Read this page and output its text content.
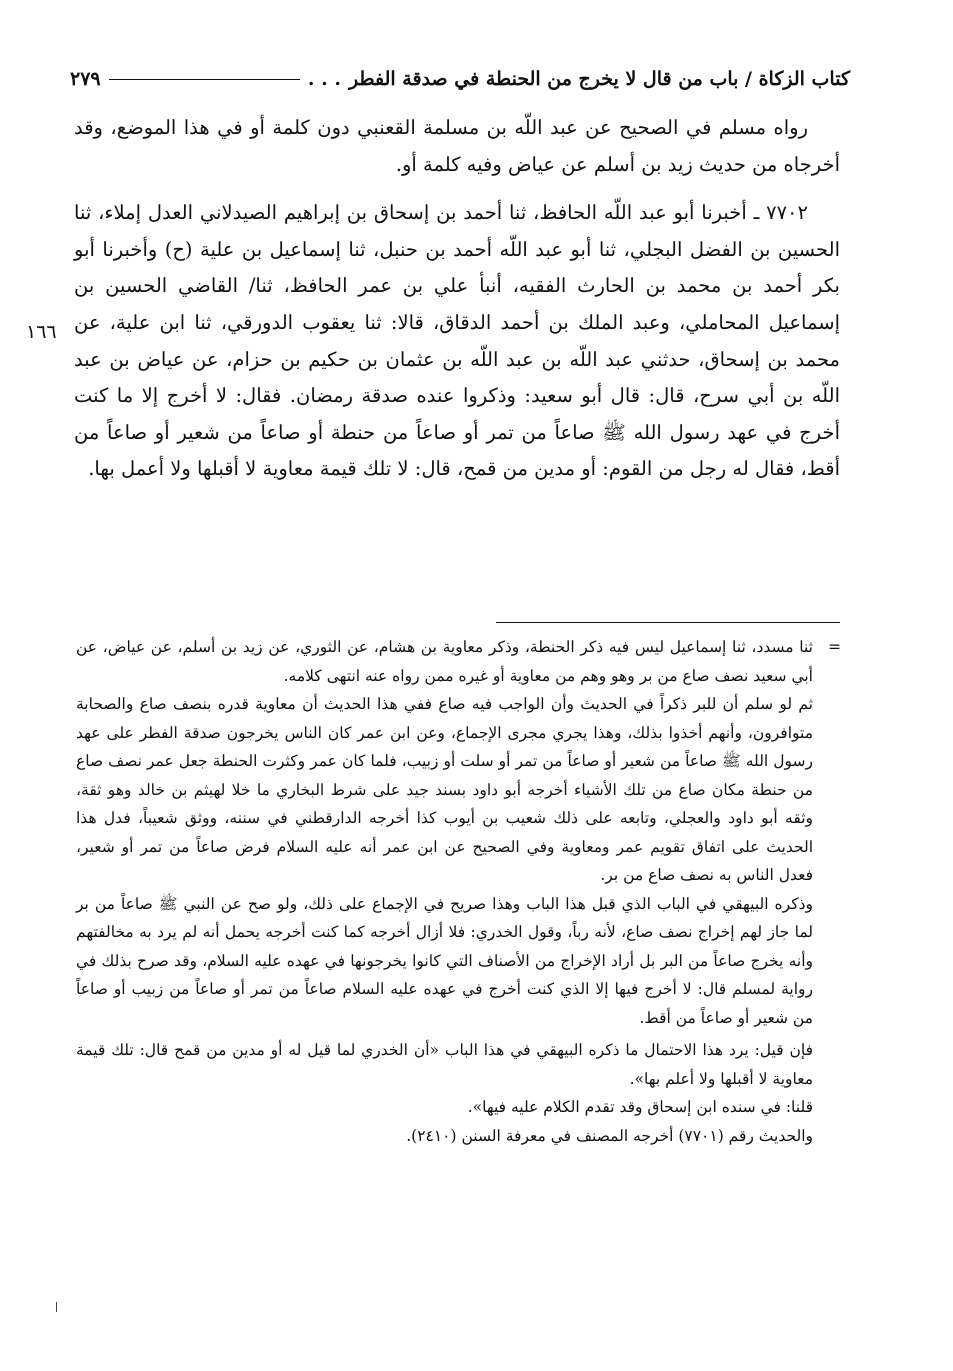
كتاب الزكاة / باب من قال لا يخرج من الحنطة في صدقة الفطر
. . .
٢٧٩

رواه مسلم في الصحيح عن عبد اللّه بن مسلمة القعنبي دون كلمة أو في هذا الموضع، وقد أخرجاه من حديث زيد بن أسلم عن عياض وفيه كلمة أو.

٧٧٠٢ ـ أخبرنا أبو عبد اللّه الحافظ، ثنا أحمد بن إسحاق بن إبراهيم الصيدلاني العدل إملاء، ثنا الحسين بن الفضل البجلي، ثنا أبو عبد اللّه أحمد بن حنبل، ثنا إسماعيل بن علية (ح) وأخبرنا أبو بكر أحمد بن محمد بن الحارث الفقيه، أنبأ علي بن عمر الحافظ، ثنا/ القاضي الحسين بن إسماعيل المحاملي، وعبد الملك بن أحمد الدقاق، قالا: ثنا يعقوب الدورقي، ثنا ابن علية، عن محمد بن إسحاق، حدثني عبد اللّه بن عبد اللّه بن عثمان بن حكيم بن حزام، عن عياض بن عبد اللّه بن أبي سرح، قال: قال أبو سعيد: وذكروا عنده صدقة رمضان. فقال: لا أخرج إلا ما كنت أخرج في عهد رسول الله ﷺ صاعاً من تمر أو صاعاً من حنطة أو صاعاً من شعير أو صاعاً من أقط، فقال له رجل من القوم: أو مدين من قمح، قال: لا تلك قيمة معاوية لا أقبلها ولا أعمل بها.

١٦٦

=
ثنا مسدد، ثنا إسماعيل ليس فيه ذكر الحنطة، وذكر معاوية بن هشام، عن الثوري، عن زيد بن أسلم، عن عياض، عن أبي سعيد نصف صاع من بر وهو وهم من معاوية أو غيره ممن رواه عنه انتهى كلامه.

ثم لو سلم أن للبر ذكراً في الحديث وأن الواجب فيه صاع ففي هذا الحديث أن معاوية قدره بنصف صاع والصحابة متوافرون، وأنهم أخذوا بذلك، وهذا يجري مجرى الإجماع، وعن ابن عمر كان الناس يخرجون صدقة الفطر على عهد رسول الله ﷺ صاعاً من شعير أو صاعاً من تمر أو سلت أو زبيب، فلما كان عمر وكثرت الحنطة جعل عمر نصف صاع من حنطة مكان صاع من تلك الأشياء أخرجه أبو داود بسند جيد على شرط البخاري ما خلا لهيثم بن خالد وهو ثقة، وثقه أبو داود والعجلي، وتابعه على ذلك شعيب بن أيوب كذا أخرجه الدارقطني في سننه، ووثق شعيباً، فدل هذا الحديث على اتفاق تقويم عمر ومعاوية وفي الصحيح عن ابن عمر أنه عليه السلام فرض صاعاً من تمر أو شعير، فعدل الناس به نصف صاع من بر.

وذكره البيهقي في الباب الذي قبل هذا الباب وهذا صريح في الإجماع على ذلك، ولو صح عن النبي ﷺ صاعاً من بر لما جاز لهم إخراج نصف صاع، لأنه رباً، وقول الخدري: فلا أزال أخرجه كما كنت أخرجه يحمل أنه لم يرد به مخالفتهم وأنه يخرج صاعاً من البر بل أراد الإخراج من الأصناف التي كانوا يخرجونها في عهده عليه السلام، وقد صرح بذلك في رواية لمسلم قال: لا أخرج فيها إلا الذي كنت أخرج في عهده عليه السلام صاعاً من تمر أو صاعاً من زبيب أو صاعاً من شعير أو صاعاً من أقط.

فإن قيل: يرد هذا الاحتمال ما ذكره البيهقي في هذا الباب «أن الخدري لما قيل له أو مدين من قمح قال: تلك قيمة معاوية لا أقبلها ولا أعلم بها».

قلنا: في سنده ابن إسحاق وقد تقدم الكلام عليه فيها».

والحديث رقم (٧٧٠١) أخرجه المصنف في معرفة السنن (٢٤١٠).
